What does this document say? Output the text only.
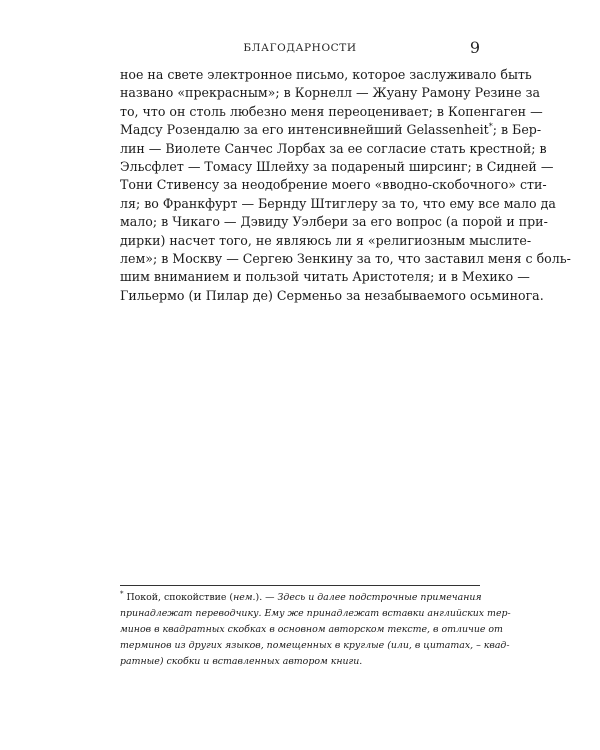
БЛАГОДАРНОСТИ	9
ное на свете электронное письмо, которое заслуживало быть
названо «прекрасным»; в Корнелл — Жуану Рамону Резине за
то, что он столь любезно меня переоценивает; в Копенгаген —
Мадсу Розендалю за его интенсивнейший Gelassenheit*; в Бер-
лин — Виолете Санчес Лорбах за ее согласие стать крестной; в
Эльсфлет — Томасу Шлейху за подареный ширсинг; в Сидней —
Тони Стивенсу за неодобрение моего «вводно-скобочного» сти-
ля; во Франкфурт — Бернду Штиглеру за то, что ему все мало да
мало; в Чикаго — Дэвиду Уэлбери за его вопрос (а порой и при-
дирки) насчет того, не являюсь ли я «религиозным мыслите-
лем»; в Москву — Сергею Зенкину за то, что заставил меня с боль-
шим вниманием и пользой читать Аристотеля; и в Мехико —
Гильермо (и Пилар де) Серменьо за незабываемого осьминога.
* Покой, спокойствие (нем.). — Здесь и далее подстрочные примечания
принадлежат переводчику. Ему же принадлежат вставки английских тер-
минов в квадратных скобках в основном авторском тексте, в отличие от
терминов из других языков, помещенных в круглые (или, в цитатах, – квад-
ратные) скобки и вставленных автором книги.
